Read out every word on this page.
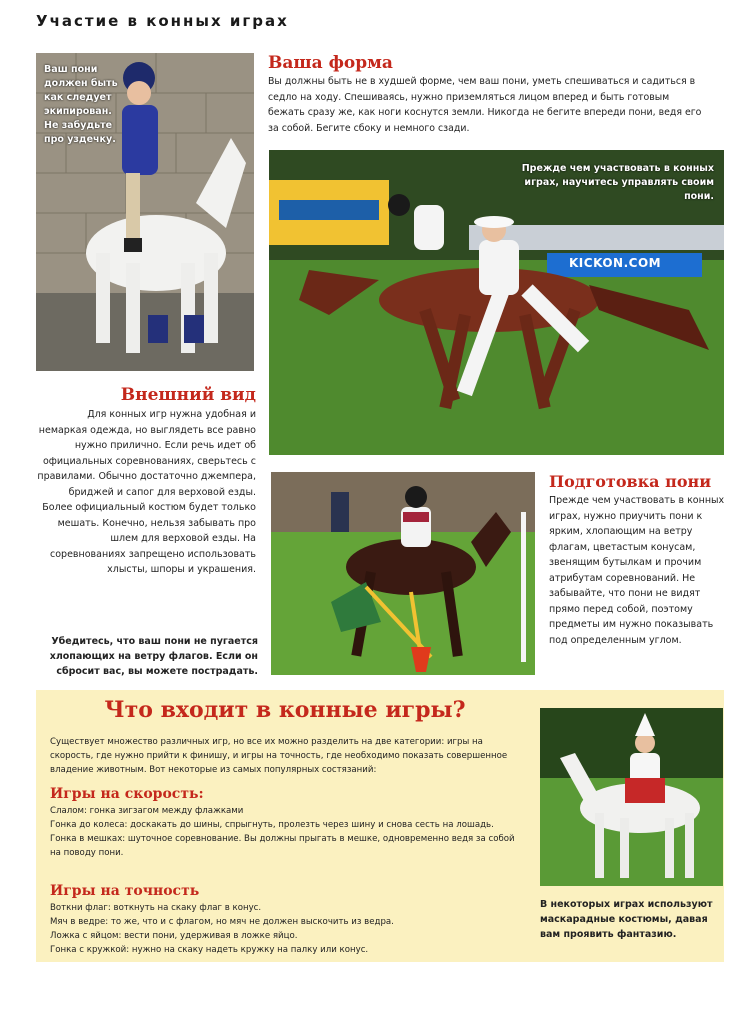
Участие в конных играх
Ваш пони должен быть как следует экипирован. Не забудьте про уздечку.
Ваша форма
Вы должны быть не в худшей форме, чем ваш пони, уметь спешиваться и садиться в седло на ходу. Спешиваясь, нужно приземляться лицом вперед и быть готовым бежать сразу же, как ноги коснутся земли. Никогда не бегите впереди пони, ведя его за собой. Бегите сбоку и немного сзади.
KICKON.COM
Прежде чем участвовать в конных играх, научитесь управлять своим пони.
Внешний вид
Для конных игр нужна удобная и немаркая одежда, но выглядеть все равно нужно прилично. Если речь идет об официальных соревнованиях, сверьтесь с правилами. Обычно достаточно джемпера, бриджей и сапог для верховой езды. Более официальный костюм будет только мешать. Конечно, нельзя забывать про шлем для верховой езды. На соревнованиях запрещено использовать хлысты, шпоры и украшения.
Убедитесь, что ваш пони не пугается хлопающих на ветру флагов. Если он сбросит вас, вы можете пострадать.
Подготовка пони
Прежде чем участвовать в конных играх, нужно приучить пони к ярким, хлопающим на ветру флагам, цветастым конусам, звенящим бутылкам и прочим атрибутам соревнований. Не забывайте, что пони не видят прямо перед собой, поэтому предметы им нужно показывать под определенным углом.
Что входит в конные игры?
Существует множество различных игр, но все их можно разделить на две категории: игры на скорость, где нужно прийти к финишу, и игры на точность, где необходимо показать совершенное владение животным. Вот некоторые из самых популярных состязаний:
Игры на скорость:
Слалом: гонка зигзагом между флажками
Гонка до колеса: доскакать до шины, спрыгнуть, пролезть через шину и снова сесть на лошадь.
Гонка в мешках: шуточное соревнование. Вы должны прыгать в мешке, одновременно ведя за собой на поводу пони.
Игры на точность
Воткни флаг: воткнуть на скаку флаг в конус.
Мяч в ведре: то же, что и с флагом, но мяч не должен выскочить из ведра.
Ложка с яйцом: вести пони, удерживая в ложке яйцо.
Гонка с кружкой: нужно на скаку надеть кружку на палку или конус.
В некоторых играх используют маскарадные костюмы, давая вам проявить фантазию.
